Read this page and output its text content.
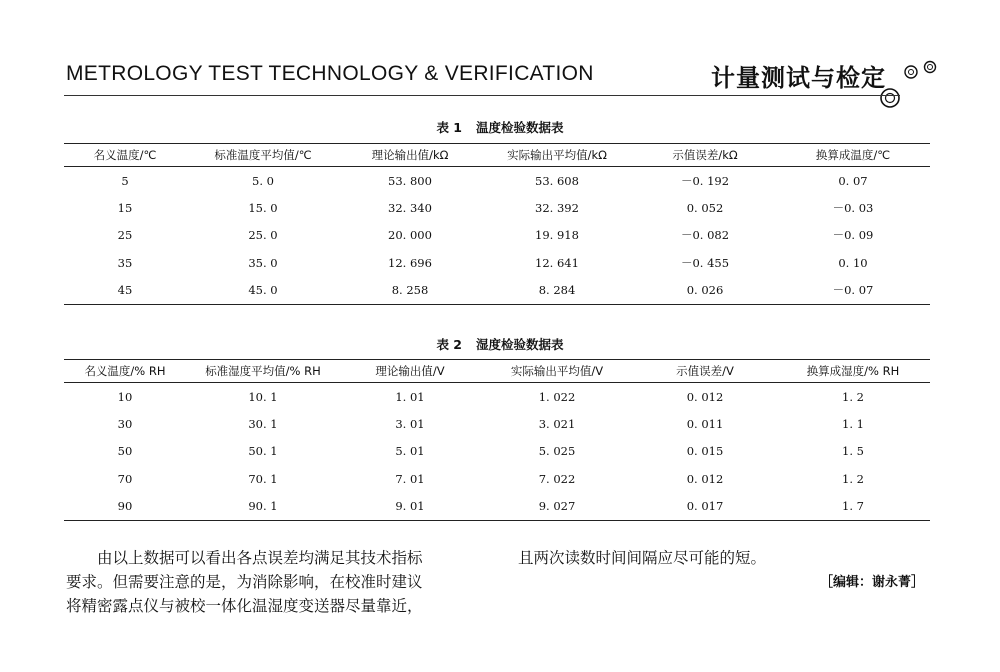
METROLOGY TEST TECHNOLOGY & VERIFICATION	计量测试与检定
表 1 温度检验数据表
名义温度/℃	标准温度平均值/℃	理论输出值/kΩ	实际输出平均值/kΩ	示值误差/kΩ	换算成温度/℃
5	5. 0	53. 800	53. 608	－0. 192	0. 07
15	15. 0	32. 340	32. 392	0. 052	－0. 03
25	25. 0	20. 000	19. 918	－0. 082	－0. 09
35	35. 0	12. 696	12. 641	－0. 455	0. 10
45	45. 0	8. 258	8. 284	0. 026	－0. 07
表 2 湿度检验数据表
名义温度/% RH	标准湿度平均值/% RH	理论输出值/V	实际输出平均值/V	示值误差/V	换算成湿度/% RH
10	10. 1	1. 01	1. 022	0. 012	1. 2
30	30. 1	3. 01	3. 021	0. 011	1. 1
50	50. 1	5. 01	5. 025	0. 015	1. 5
70	70. 1	7. 01	7. 022	0. 012	1. 2
90	90. 1	9. 01	9. 027	0. 017	1. 7
　　由以上数据可以看出各点误差均满足其技术指标
要求。但需要注意的是，为消除影响，在校准时建议
将精密露点仪与被校一体化温湿度变送器尽量靠近，
且两次读数时间间隔应尽可能的短。
［编辑：谢永菁］
